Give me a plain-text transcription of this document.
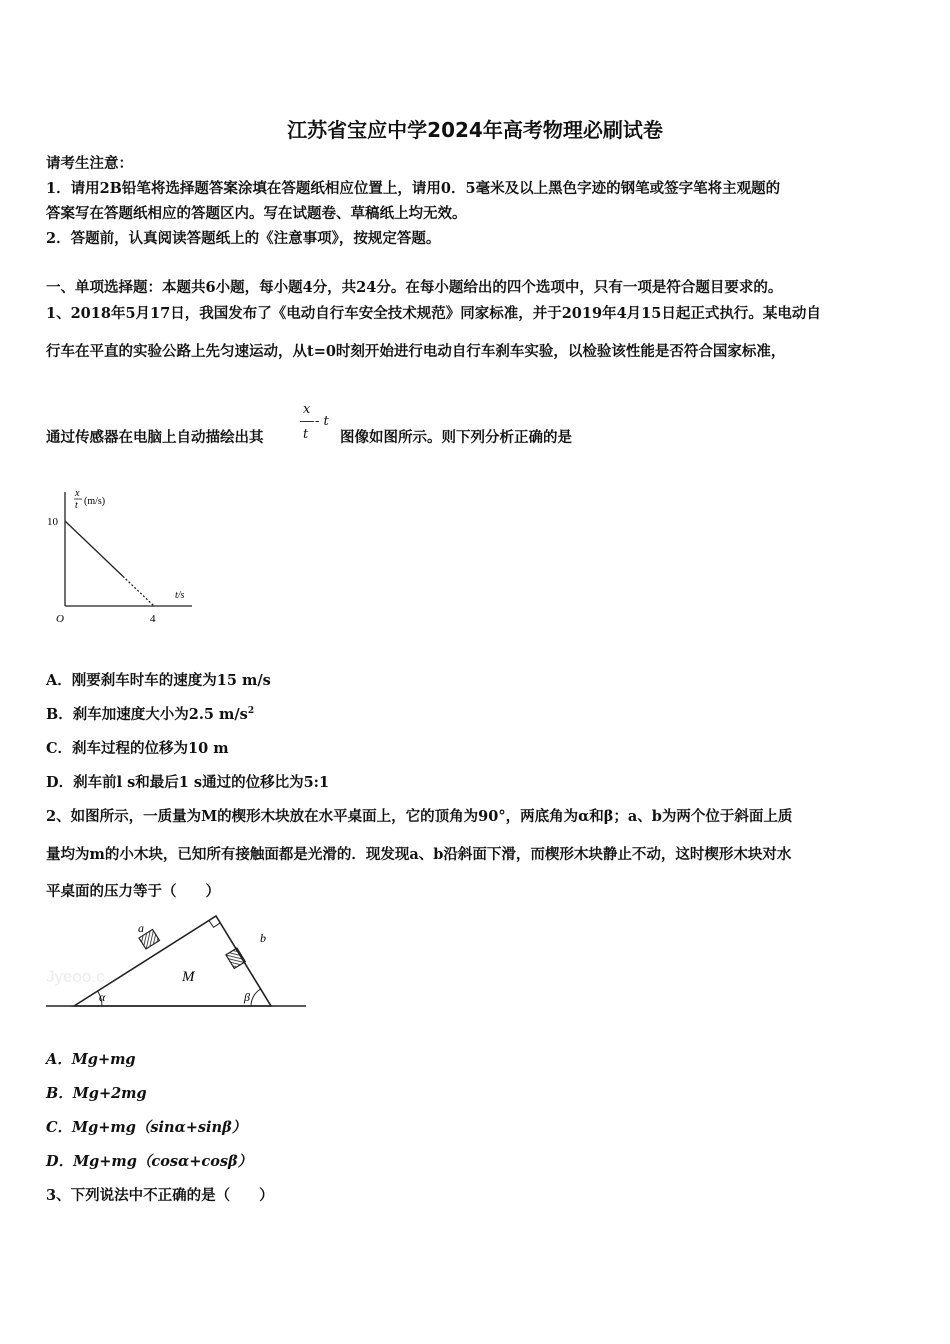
江苏省宝应中学2024年高考物理必刷试卷
请考生注意：
1．请用2B铅笔将选择题答案涂填在答题纸相应位置上，请用0．5毫米及以上黑色字迹的钢笔或签字笔将主观题的
答案写在答题纸相应的答题区内。写在试题卷、草稿纸上均无效。
2．答题前，认真阅读答题纸上的《注意事项》，按规定答题。
一、单项选择题：本题共6小题，每小题4分，共24分。在每小题给出的四个选项中，只有一项是符合题目要求的。
1、2018年5月17日，我国发布了《电动自行车安全技术规范》同家标准，并于2019年4月15日起正式执行。某电动自
行车在平直的实验公路上先匀速运动，从t=0时刻开始进行电动自行车刹车实验，以检验该性能是否符合国家标准，
通过传感器在电脑上自动描绘出其
x
t
- t
图像如图所示。则下列分析正确的是
x
t (m/s)
10
O	4
t/s
A．刚要刹车时车的速度为15 m/s
B．刹车加速度大小为2.5 $m/s^2$
C．刹车过程的位移为10 m
D．刹车前l s和最后1 s通过的位移比为5:1
2、如图所示，一质量为M的楔形木块放在水平桌面上，它的顶角为90°，两底角为α和β；a、b为两个位于斜面上质
量均为m的小木块，已知所有接触面都是光滑的．现发现a、b沿斜面下滑，而楔形木块静止不动，这时楔形木块对水
平桌面的压力等于（　　）
Jyeoo.c
a
b
M
α	β
A．Mg+mg
B．Mg+2mg
C．Mg+mg（sinα+sinβ）
D．Mg+mg（cosα+cosβ）
3、下列说法中不正确的是（　　）
